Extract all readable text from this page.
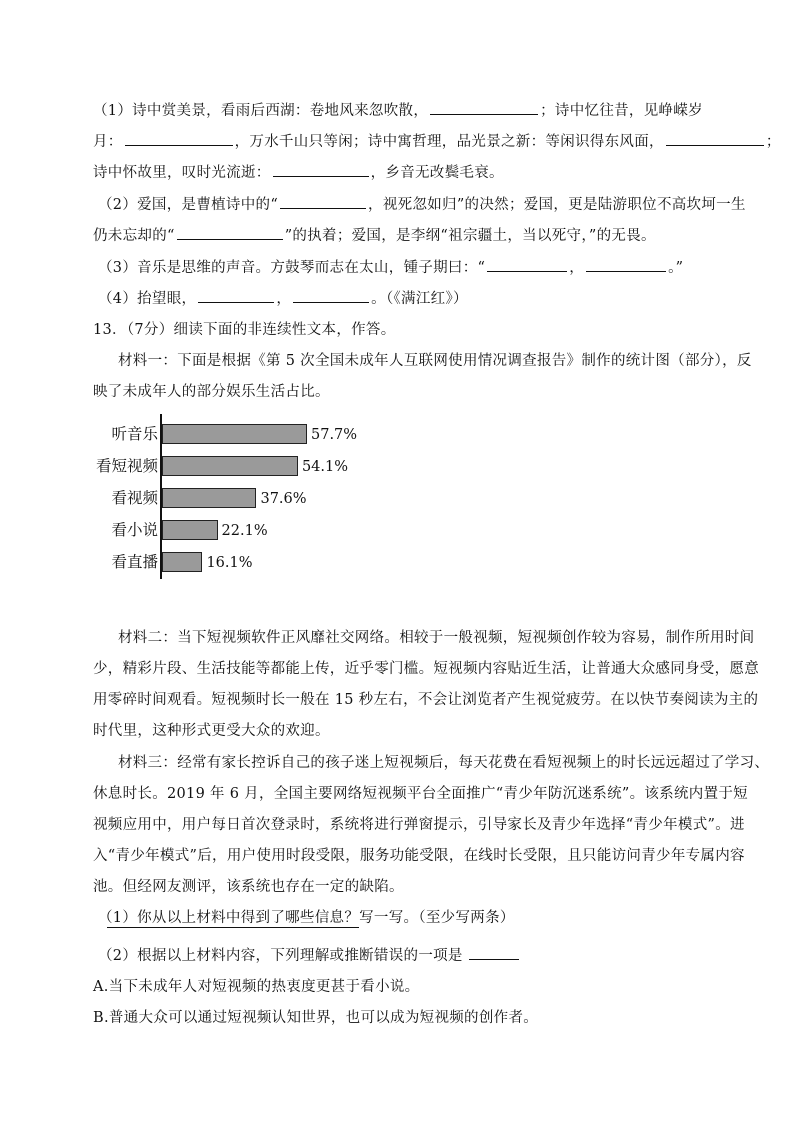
（1）诗中赏美景，看雨后西湖：卷地风来忽吹散，	；诗中忆往昔，见峥嵘岁
月：	，万水千山只等闲；诗中寓哲理，品光景之新：等闲识得东风面，	；
诗中怀故里，叹时光流逝：	，乡音无改鬓毛衰。
（2）爱国，是曹植诗中的“	，视死忽如归”的决然；爱国，更是陆游职位不高坎坷一生
仍未忘却的“	”的执着；爱国，是李纲“祖宗疆土，当以死守，”的无畏。
（3）音乐是思维的声音。方鼓琴而志在太山，锺子期曰：“	，	。”
（4）抬望眼，	，	。（《满江红》）
13．（7分）细读下面的非连续性文本，作答。
材料一：下面是根据《第 5 次全国未成年人互联网使用情况调查报告》制作的统计图（部分），反
映了未成年人的部分娱乐生活占比。
听音乐	57.7%
看短视频	54.1%
看视频	37.6%
看小说	22.1%
看直播	16.1%
材料二：当下短视频软件正风靡社交网络。相较于一般视频，短视频创作较为容易，制作所用时间
少，精彩片段、生活技能等都能上传，近乎零门槛。短视频内容贴近生活，让普通大众感同身受，愿意
用零碎时间观看。短视频时长一般在 15 秒左右，不会让浏览者产生视觉疲劳。在以快节奏阅读为主的
时代里，这种形式更受大众的欢迎。
材料三：经常有家长控诉自己的孩子迷上短视频后，每天花费在看短视频上的时长远远超过了学习、
休息时长。2019 年 6 月，全国主要网络短视频平台全面推广“青少年防沉迷系统”。该系统内置于短
视频应用中，用户每日首次登录时，系统将进行弹窗提示，引导家长及青少年选择“青少年模式”。进
入“青少年模式”后，用户使用时段受限，服务功能受限，在线时长受限，且只能访问青少年专属内容
池。但经网友测评，该系统也存在一定的缺陷。
（1）你从以上材料中得到了哪些信息？写一写。（至少写两条）
（2）根据以上材料内容，下列理解或推断错误的一项是
A.当下未成年人对短视频的热衷度更甚于看小说。
B.普通大众可以通过短视频认知世界，也可以成为短视频的创作者。
